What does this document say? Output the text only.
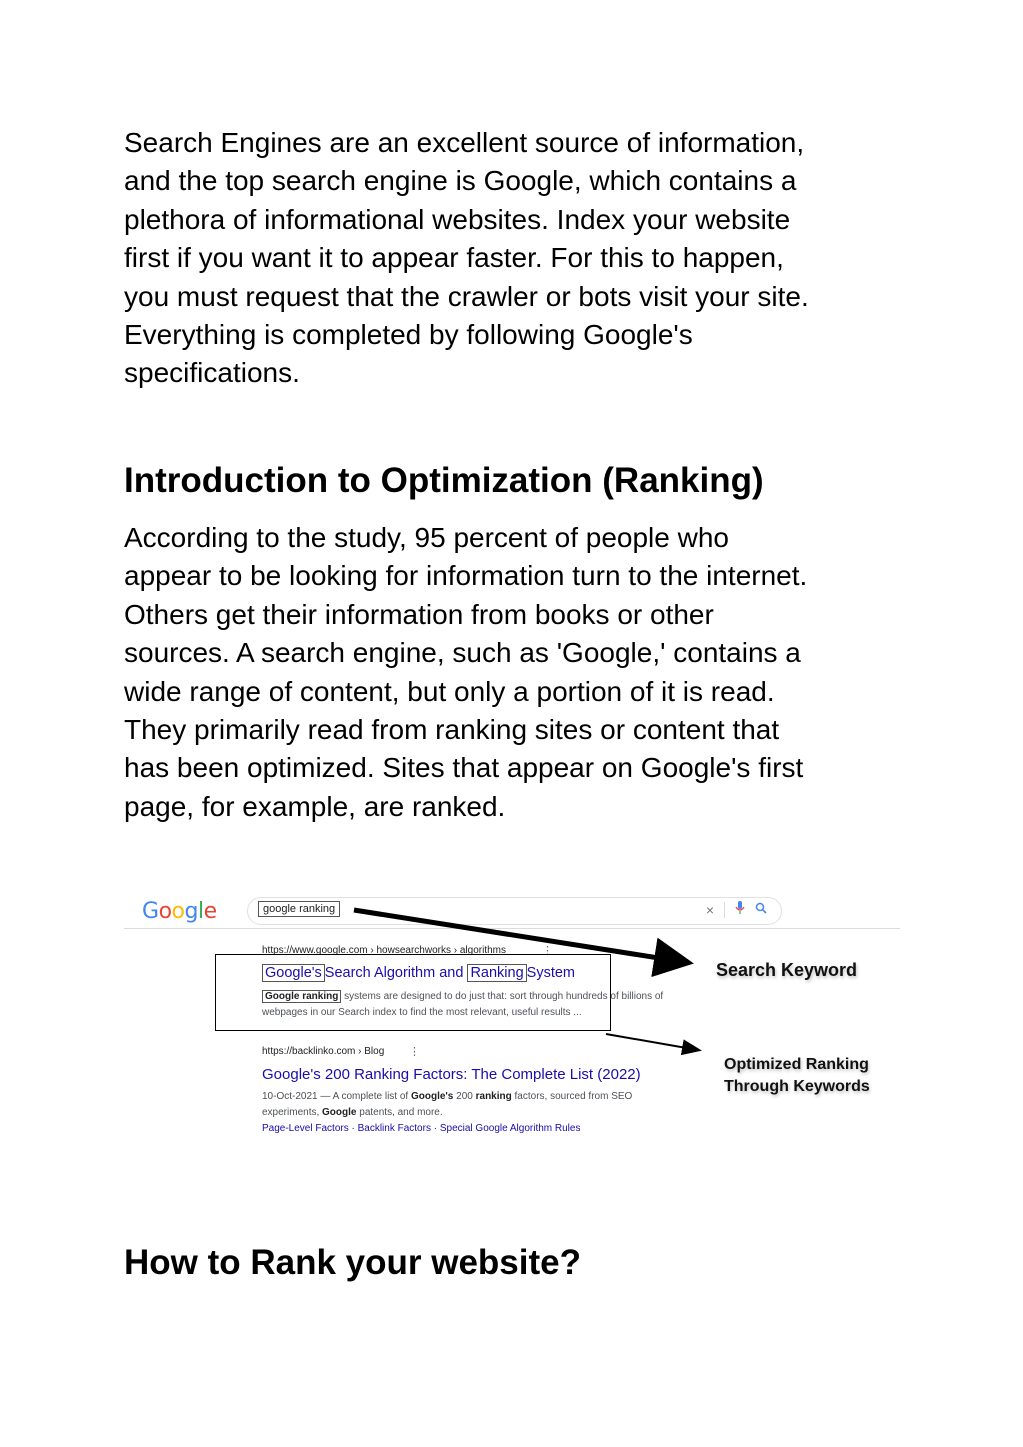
Search Engines are an excellent source of information,
and the top search engine is Google, which contains a
plethora of informational websites. Index your website
first if you want it to appear faster. For this to happen,
you must request that the crawler or bots visit your site.
Everything is completed by following Google's
specifications.

Introduction to Optimization (Ranking)

According to the study, 95 percent of people who
appear to be looking for information turn to the internet.
Others get their information from books or other
sources. A search engine, such as 'Google,' contains a
wide range of content, but only a portion of it is read.
They primarily read from ranking sites or content that
has been optimized. Sites that appear on Google's first
page, for example, are ranked.

Google	google ranking	×
https://www.google.com › howsearchworks › algorithms	⋮
Google's Search Algorithm and Ranking System
Google ranking systems are designed to do just that: sort through hundreds of billions of
webpages in our Search index to find the most relevant, useful results ...
https://backlinko.com › Blog ⋮
Google's 200 Ranking Factors: The Complete List (2022)
10-Oct-2021 — A complete list of Google's 200 ranking factors, sourced from SEO
experiments, Google patents, and more.
Page-Level Factors · Backlink Factors · Special Google Algorithm Rules
Search Keyword
Optimized Ranking
Through Keywords
How to Rank your website?
